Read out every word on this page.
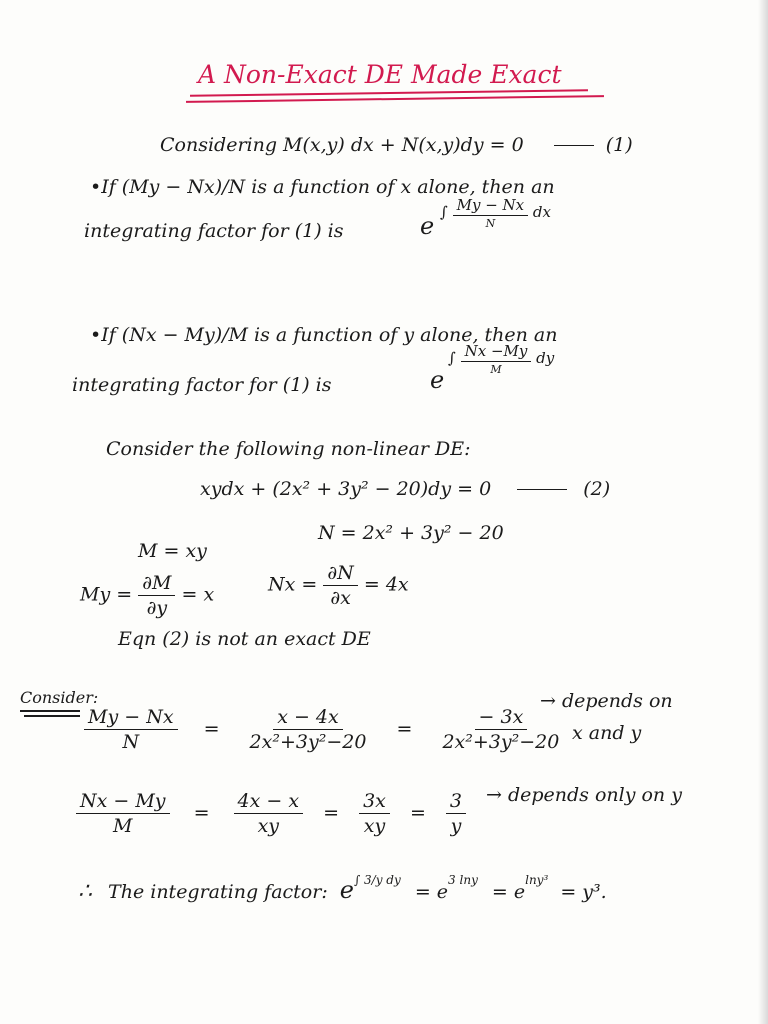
A Non-Exact DE Made Exact
Considering M(x,y) dx + N(x,y)dy = 0	(1)
•If (My − Nx)/N is a function of x alone, then an
integrating factor for (1) is	e ∫ $\frac{My - Nx}{N}$ dx
•If (Nx − My)/M is a function of y alone, then an
integrating factor for (1) is	e
∫ $\frac{Nx -My}{M}$ dy
Consider the following non-linear DE:
xydx + (2x² + 3y² − 20)dy = 0	(2)
N = 2x² + 3y² − 20
M = xy
$My = \frac{\partial M}{\partial y} = x$	$Nx = \frac{\partial N}{\partial x} = 4x$
Eqn (2) is not an exact DE
Consider:
$\frac{My - Nx}{N} = \frac{x - 4x}{\text{2x²+3y²−20}} = \frac{- 3x}{\text{2x²+3y²−20}}$
→ depends on
x and y
$\frac{Nx - My}{M} = \frac{4x - x}{xy} = \frac{3x}{xy} = \frac{3}{y}$ → depends only on y
∴ The integrating factor: $e^{\int 3/y dy} = e^{3 lny} = e^{lny^3} = y^3$.
